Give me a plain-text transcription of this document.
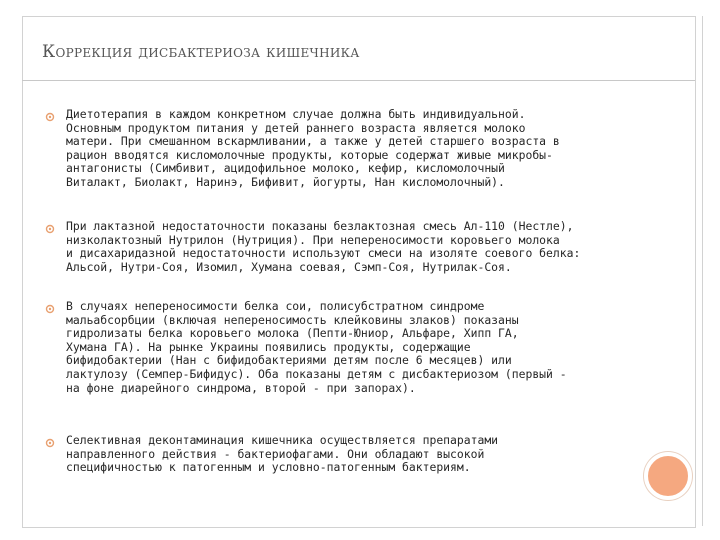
Коррекция дисбактериоза кишечника

Диетотерапия в каждом конкретном случае должна быть индивидуальной.
Основным продуктом питания у детей раннего возраста является молоко
матери. При смешанном вскармливании, а также у детей старшего возраста в
рацион вводятся кисломолочные продукты, которые содержат живые микробы-
антагонисты (Симбивит, ацидофильное молоко, кефир, кисломолочный
Виталакт, Биолакт, Наринэ, Бифивит, йогурты, Нан кисломолочный).

При лактазной недостаточности показаны безлактозная смесь Ал-110 (Нестле),
низколактозный Нутрилон (Нутриция). При непереносимости коровьего молока
и дисахаридазной недостаточности используют смеси на изоляте соевого белка:
Альсой, Нутри-Соя, Изомил, Хумана соевая, Сэмп-Соя, Нутрилак-Соя.

В случаях непереносимости белка сои, полисубстратном синдроме
мальабсорбции (включая непереносимость клейковины злаков) показаны
гидролизаты белка коровьего молока (Пепти-Юниор, Альфаре, Хипп ГА,
Хумана ГА). На рынке Украины появились продукты, содержащие
бифидобактерии (Нан с бифидобактериями детям после 6 месяцев) или
лактулозу (Семпер-Бифидус). Оба показаны детям с дисбактериозом (первый -
на фоне диарейного синдрома, второй - при запорах).

Селективная деконтаминация кишечника осуществляется препаратами
направленного действия - бактериофагами. Они обладают высокой
специфичностью к патогенным и условно-патогенным бактериям.
